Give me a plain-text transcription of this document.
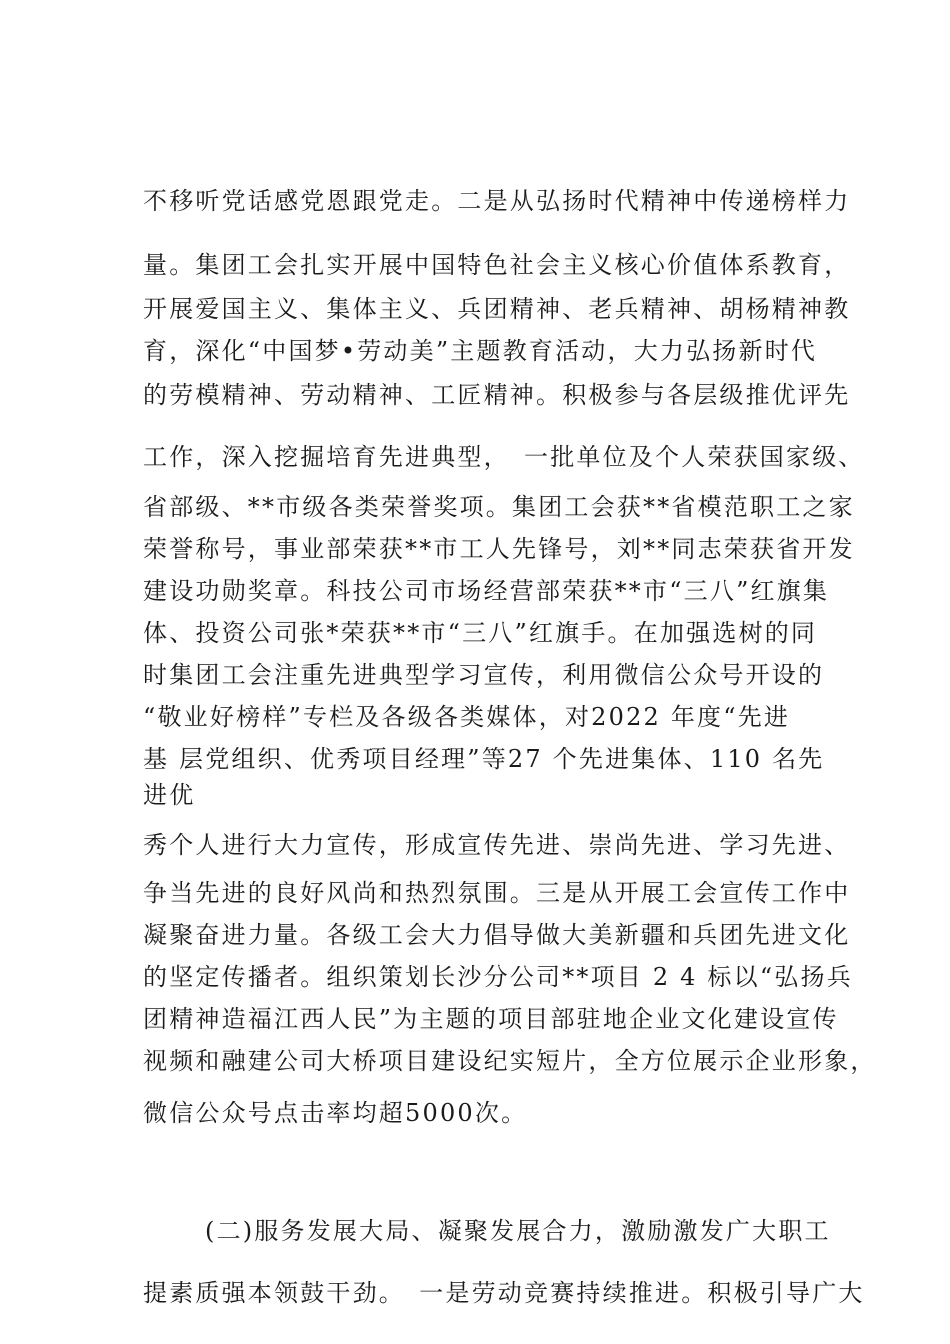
不移听党话感党恩跟党走。二是从弘扬时代精神中传递榜样力
量。集团工会扎实开展中国特色社会主义核心价值体系教育，
开展爱国主义、集体主义、兵团精神、老兵精神、胡杨精神教
育，深化“中国梦•劳动美”主题教育活动，大力弘扬新时代
的劳模精神、劳动精神、工匠精神。积极参与各层级推优评先
工作，深入挖掘培育先进典型，　一批单位及个人荣获国家级、
省部级、**市级各类荣誉奖项。集团工会获**省模范职工之家
荣誉称号，事业部荣获**市工人先锋号，刘**同志荣获省开发
建设功勋奖章。科技公司市场经营部荣获**市“三八”红旗集
体、投资公司张*荣获**市“三八”红旗手。在加强选树的同
时集团工会注重先进典型学习宣传，利用微信公众号开设的
“敬业好榜样”专栏及各级各类媒体，对2022 年度“先进
基 层党组织、优秀项目经理”等27 个先进集体、110 名先
进优
秀个人进行大力宣传，形成宣传先进、崇尚先进、学习先进、
争当先进的良好风尚和热烈氛围。三是从开展工会宣传工作中
凝聚奋进力量。各级工会大力倡导做大美新疆和兵团先进文化
的坚定传播者。组织策划长沙分公司**项目 2 4 标以“弘扬兵
团精神造福江西人民”为主题的项目部驻地企业文化建设宣传
视频和融建公司大桥项目建设纪实短片，全方位展示企业形象，
微信公众号点击率均超5000次。
(二)服务发展大局、凝聚发展合力，激励激发广大职工
提素质强本领鼓干劲。　一是劳动竞赛持续推进。积极引导广大
